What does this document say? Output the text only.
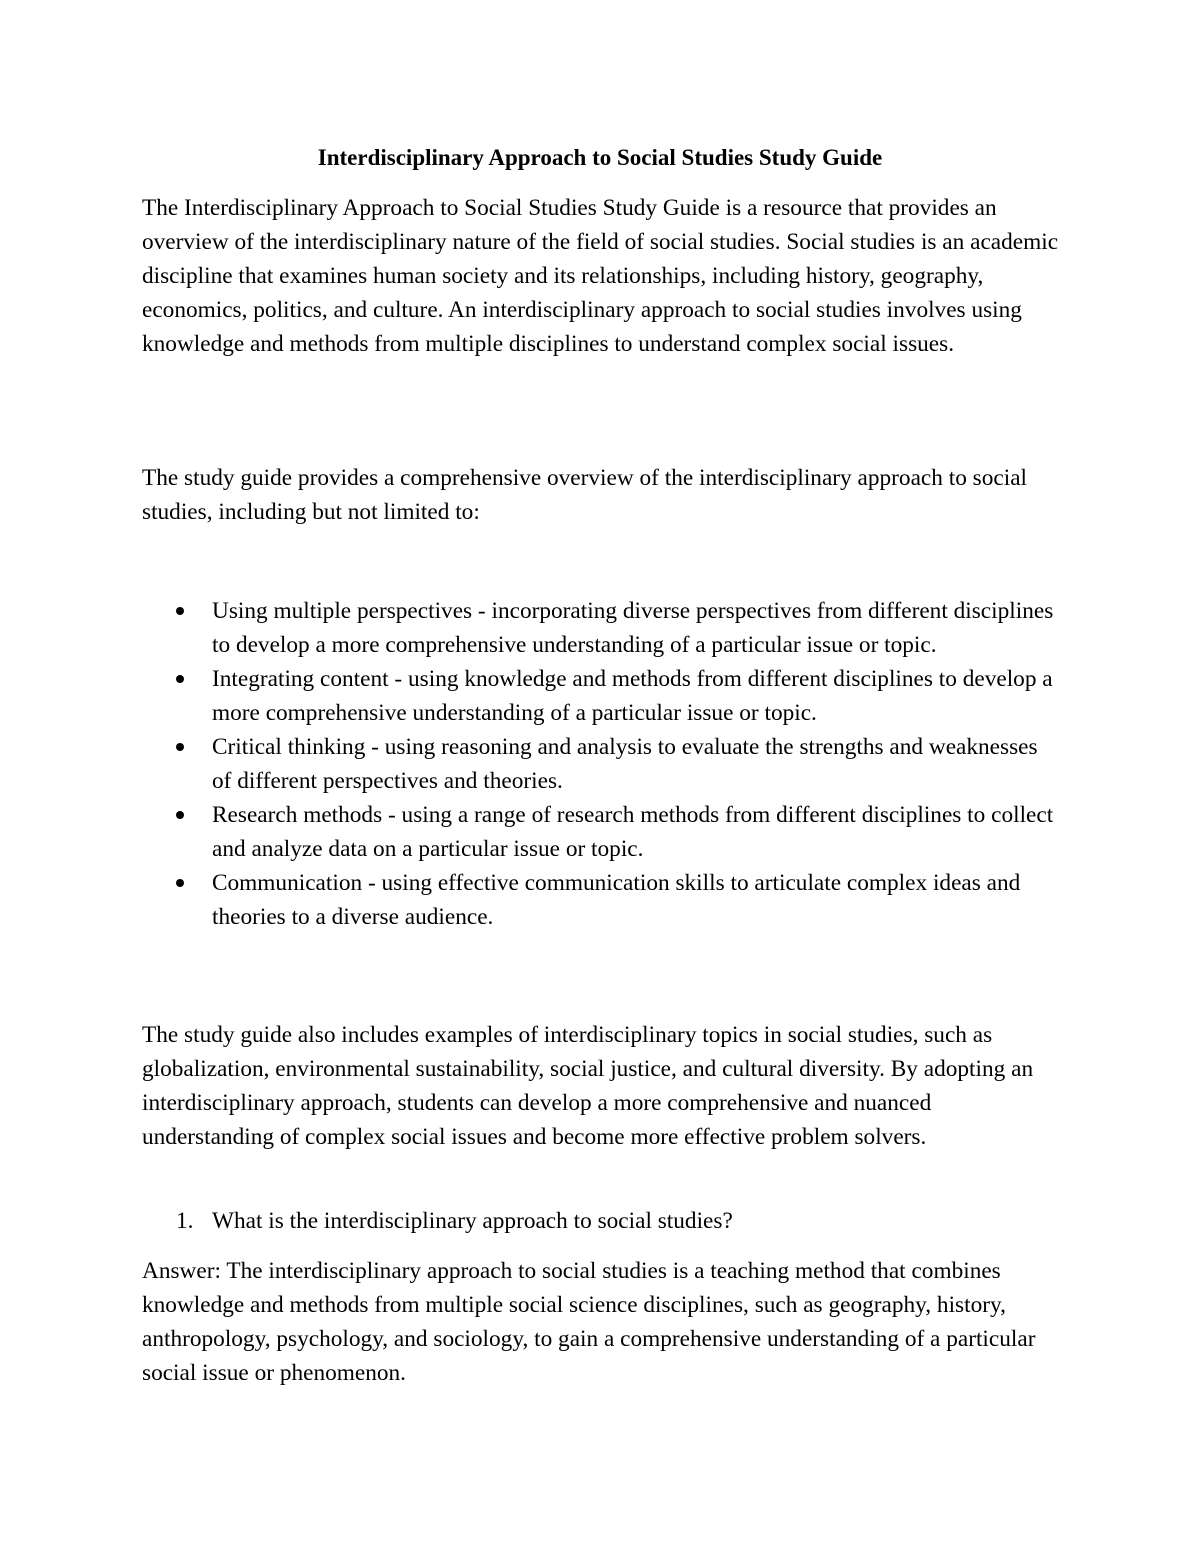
Interdisciplinary Approach to Social Studies Study Guide

The Interdisciplinary Approach to Social Studies Study Guide is a resource that provides an overview of the interdisciplinary nature of the field of social studies. Social studies is an academic discipline that examines human society and its relationships, including history, geography, economics, politics, and culture. An interdisciplinary approach to social studies involves using knowledge and methods from multiple disciplines to understand complex social issues.

The study guide provides a comprehensive overview of the interdisciplinary approach to social studies, including but not limited to:

Using multiple perspectives - incorporating diverse perspectives from different disciplines to develop a more comprehensive understanding of a particular issue or topic.
Integrating content - using knowledge and methods from different disciplines to develop a more comprehensive understanding of a particular issue or topic.
Critical thinking - using reasoning and analysis to evaluate the strengths and weaknesses of different perspectives and theories.
Research methods - using a range of research methods from different disciplines to collect and analyze data on a particular issue or topic.
Communication - using effective communication skills to articulate complex ideas and theories to a diverse audience.

The study guide also includes examples of interdisciplinary topics in social studies, such as globalization, environmental sustainability, social justice, and cultural diversity. By adopting an interdisciplinary approach, students can develop a more comprehensive and nuanced understanding of complex social issues and become more effective problem solvers.

1. What is the interdisciplinary approach to social studies?

Answer: The interdisciplinary approach to social studies is a teaching method that combines knowledge and methods from multiple social science disciplines, such as geography, history, anthropology, psychology, and sociology, to gain a comprehensive understanding of a particular social issue or phenomenon.
